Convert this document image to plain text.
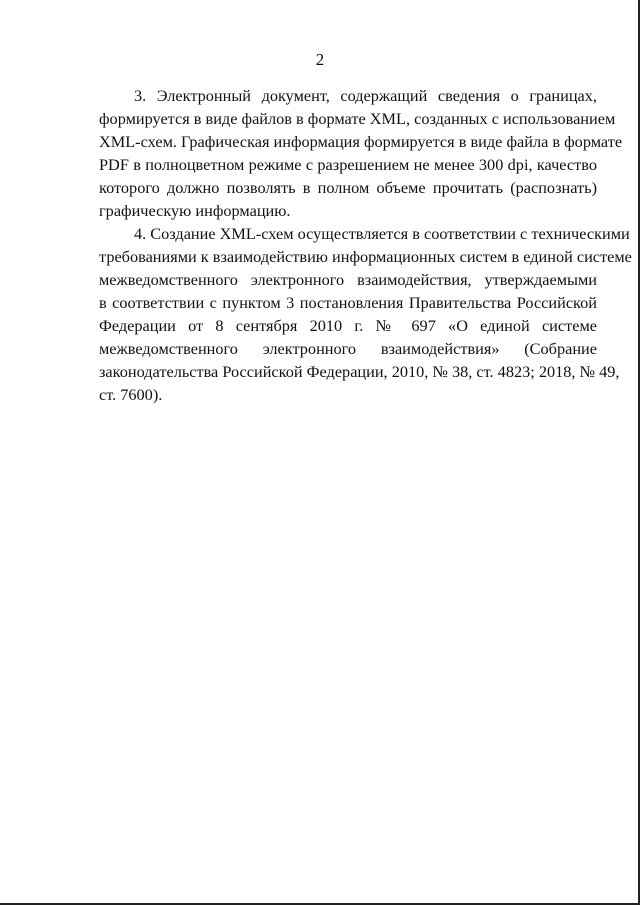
2
3. Электронный документ, содержащий сведения о границах,
формируется в виде файлов в формате XML, созданных с использованием
XML-схем. Графическая информация формируется в виде файла в формате
PDF в полноцветном режиме с разрешением не менее 300 dpi, качество
которого должно позволять в полном объеме прочитать (распознать)
графическую информацию.
4. Создание XML-схем осуществляется в соответствии с техническими
требованиями к взаимодействию информационных систем в единой системе
межведомственного электронного взаимодействия, утверждаемыми
в соответствии с пунктом 3 постановления Правительства Российской
Федерации от 8 сентября 2010 г. № 697 «О единой системе
межведомственного электронного взаимодействия» (Собрание
законодательства Российской Федерации, 2010, № 38, ст. 4823; 2018, № 49,
ст. 7600).
